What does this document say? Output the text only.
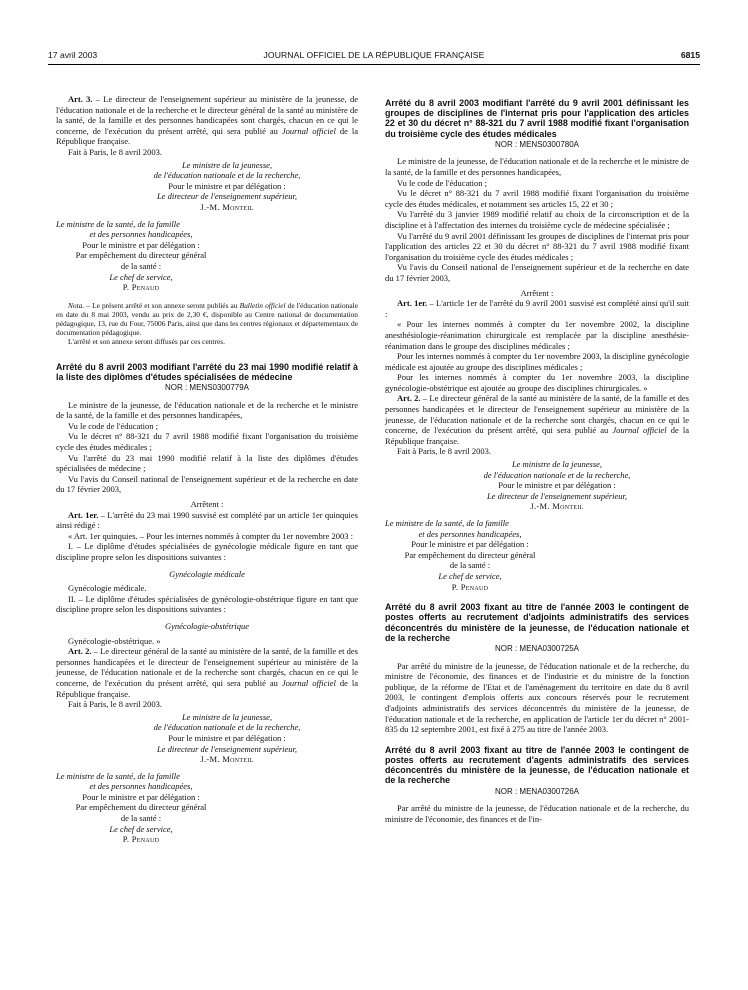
17 avril 2003	JOURNAL OFFICIEL DE LA RÉPUBLIQUE FRANÇAISE	6815

Art. 3. – Le directeur de l'enseignement supérieur au ministère de la jeunesse, de l'éducation nationale et de la recherche et le directeur général de la santé au ministère de la santé, de la famille et des personnes handicapées sont chargés, chacun en ce qui le concerne, de l'exécution du présent arrêté, qui sera publié au Journal officiel de la République française.

Fait à Paris, le 8 avril 2003.

Le ministre de la jeunesse,
de l'éducation nationale et de la recherche,
Pour le ministre et par délégation :
Le directeur de l'enseignement supérieur,
J.-M. Monteil
Le ministre de la santé, de la famille
et des personnes handicapées,
Pour le ministre et par délégation :
Par empêchement du directeur général
de la santé :
Le chef de service,
P. Penaud

Nota. – Le présent arrêté et son annexe seront publiés au Bulletin officiel de l'éducation nationale en date du 8 mai 2003, vendu au prix de 2,30 €, disponible au Centre national de documentation pédagogique, 13, rue du Four, 75006 Paris, ainsi que dans les centres régionaux et départementaux de documentation pédagogique.

L'arrêté et son annexe seront diffusés par ces centres.

Arrêté du 8 avril 2003 modifiant l'arrêté du 23 mai 1990 modifié relatif à la liste des diplômes d'études spécialisées de médecine
NOR : MENS0300779A

Le ministre de la jeunesse, de l'éducation nationale et de la recherche et le ministre de la santé, de la famille et des personnes handicapées,

Vu le code de l'éducation ;

Vu le décret n° 88-321 du 7 avril 1988 modifié fixant l'organisation du troisième cycle des études médicales ;

Vu l'arrêté du 23 mai 1990 modifié relatif à la liste des diplômes d'études spécialisées de médecine ;

Vu l'avis du Conseil national de l'enseignement supérieur et de la recherche en date du 17 février 2003,

Arrêtent :

Art. 1er. – L'arrêté du 23 mai 1990 susvisé est complété par un article 1er quinquies ainsi rédigé :

« Art. 1er quinquies. – Pour les internes nommés à compter du 1er novembre 2003 :

I. – Le diplôme d'études spécialisées de gynécologie médicale figure en tant que discipline propre selon les dispositions suivantes :

Gynécologie médicale

Gynécologie médicale.

II. – Le diplôme d'études spécialisées de gynécologie-obstétrique figure en tant que discipline propre selon les dispositions suivantes :

Gynécologie-obstétrique

Gynécologie-obstétrique. »

Art. 2. – Le directeur général de la santé au ministère de la santé, de la famille et des personnes handicapées et le directeur de l'enseignement supérieur au ministère de la jeunesse, de l'éducation nationale et de la recherche sont chargés, chacun en ce qui le concerne, de l'exécution du présent arrêté, qui sera publié au Journal officiel de la République française.

Fait à Paris, le 8 avril 2003.

Le ministre de la jeunesse,
de l'éducation nationale et de la recherche,
Pour le ministre et par délégation :
Le directeur de l'enseignement supérieur,
J.-M. Monteil
Le ministre de la santé, de la famille
et des personnes handicapées,
Pour le ministre et par délégation :
Par empêchement du directeur général
de la santé :
Le chef de service,
P. Penaud
Arrêté du 8 avril 2003 modifiant l'arrêté du 9 avril 2001 définissant les groupes de disciplines de l'internat pris pour l'application des articles 22 et 30 du décret n° 88-321 du 7 avril 1988 modifié fixant l'organisation du troisième cycle des études médicales
NOR : MENS0300780A

Le ministre de la jeunesse, de l'éducation nationale et de la recherche et le ministre de la santé, de la famille et des personnes handicapées,

Vu le code de l'éducation ;

Vu le décret n° 88-321 du 7 avril 1988 modifié fixant l'organisation du troisième cycle des études médicales, et notamment ses articles 15, 22 et 30 ;

Vu l'arrêté du 3 janvier 1989 modifié relatif au choix de la circonscription et de la discipline et à l'affectation des internes du troisième cycle de médecine spécialisée ;

Vu l'arrêté du 9 avril 2001 définissant les groupes de disciplines de l'internat pris pour l'application des articles 22 et 30 du décret n° 88-321 du 7 avril 1988 modifié fixant l'organisation du troisième cycle des études médicales ;

Vu l'avis du Conseil national de l'enseignement supérieur et de la recherche en date du 17 février 2003,

Arrêtent :

Art. 1er. – L'article 1er de l'arrêté du 9 avril 2001 susvisé est complété ainsi qu'il suit :

« Pour les internes nommés à compter du 1er novembre 2002, la discipline anesthésiologie-réanimation chirurgicale est remplacée par la discipline anesthésie-réanimation dans le groupe des disciplines médicales ;

Pour les internes nommés à compter du 1er novembre 2003, la discipline gynécologie médicale est ajoutée au groupe des disciplines médicales ;

Pour les internes nommés à compter du 1er novembre 2003, la discipline gynécologie-obstétrique est ajoutée au groupe des disciplines chirurgicales. »

Art. 2. – Le directeur général de la santé au ministère de la santé, de la famille et des personnes handicapées et le directeur de l'enseignement supérieur au ministère de la jeunesse, de l'éducation nationale et de la recherche sont chargés, chacun en ce qui le concerne, de l'exécution du présent arrêté, qui sera publié au Journal officiel de la République française.

Fait à Paris, le 8 avril 2003.

Le ministre de la jeunesse,
de l'éducation nationale et de la recherche,
Pour le ministre et par délégation :
Le directeur de l'enseignement supérieur,
J.-M. Monteil
Le ministre de la santé, de la famille
et des personnes handicapées,
Pour le ministre et par délégation :
Par empêchement du directeur général
de la santé :
Le chef de service,
P. Penaud
Arrêté du 8 avril 2003 fixant au titre de l'année 2003 le contingent de postes offerts au recrutement d'adjoints administratifs des services déconcentrés du ministère de la jeunesse, de l'éducation nationale et de la recherche
NOR : MENA0300725A

Par arrêté du ministre de la jeunesse, de l'éducation nationale et de la recherche, du ministre de l'économie, des finances et de l'industrie et du ministre de la fonction publique, de la réforme de l'Etat et de l'aménagement du territoire en date du 8 avril 2003, le contingent d'emplois offerts aux concours réservés pour le recrutement d'adjoints administratifs des services déconcentrés du ministère de la jeunesse, de l'éducation nationale et de la recherche, en application de l'article 1er du décret n° 2001-835 du 12 septembre 2001, est fixé à 275 au titre de l'année 2003.

Arrêté du 8 avril 2003 fixant au titre de l'année 2003 le contingent de postes offerts au recrutement d'agents administratifs des services déconcentrés du ministère de la jeunesse, de l'éducation nationale et de la recherche
NOR : MENA0300726A

Par arrêté du ministre de la jeunesse, de l'éducation nationale et de la recherche, du ministre de l'économie, des finances et de l'in-
